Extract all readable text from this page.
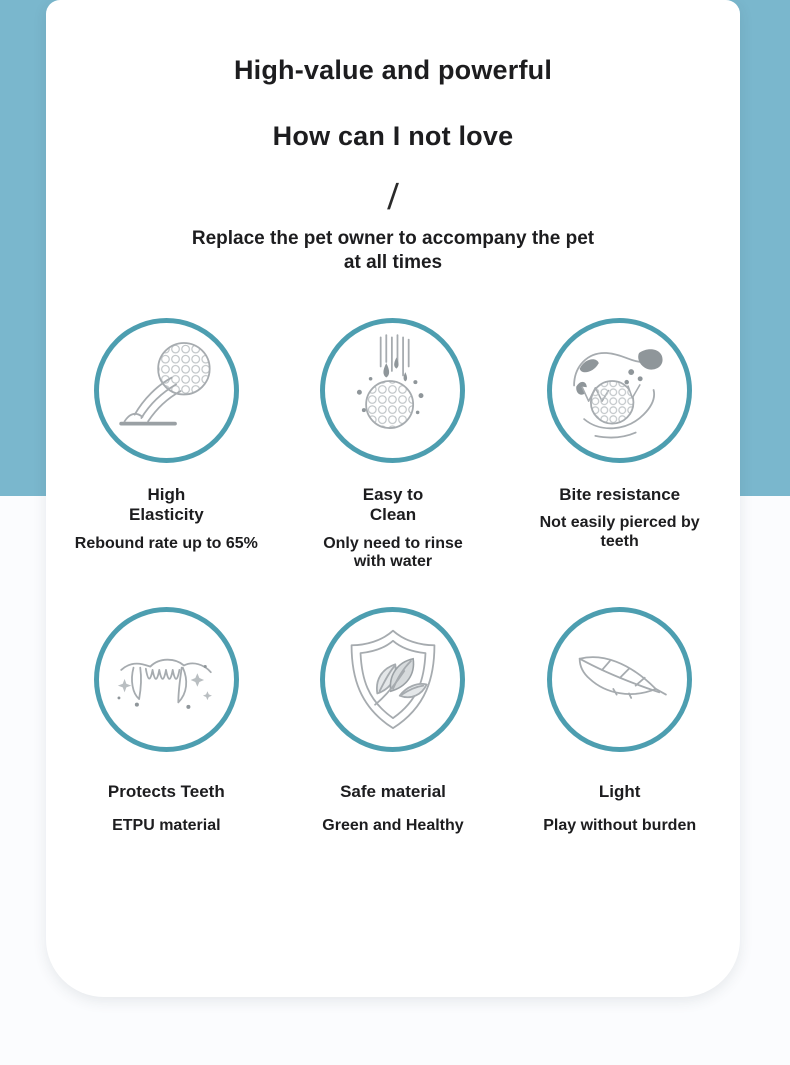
High-value and powerful
How can I not love
/
Replace the pet owner to accompany the pet
at all times
High
Elasticity
Rebound rate up to 65%
Easy to
Clean
Only need to rinse
with water
Bite resistance
Not easily pierced by
teeth
Protects Teeth
ETPU material
Safe material
Green and Healthy
Light
Play without burden
